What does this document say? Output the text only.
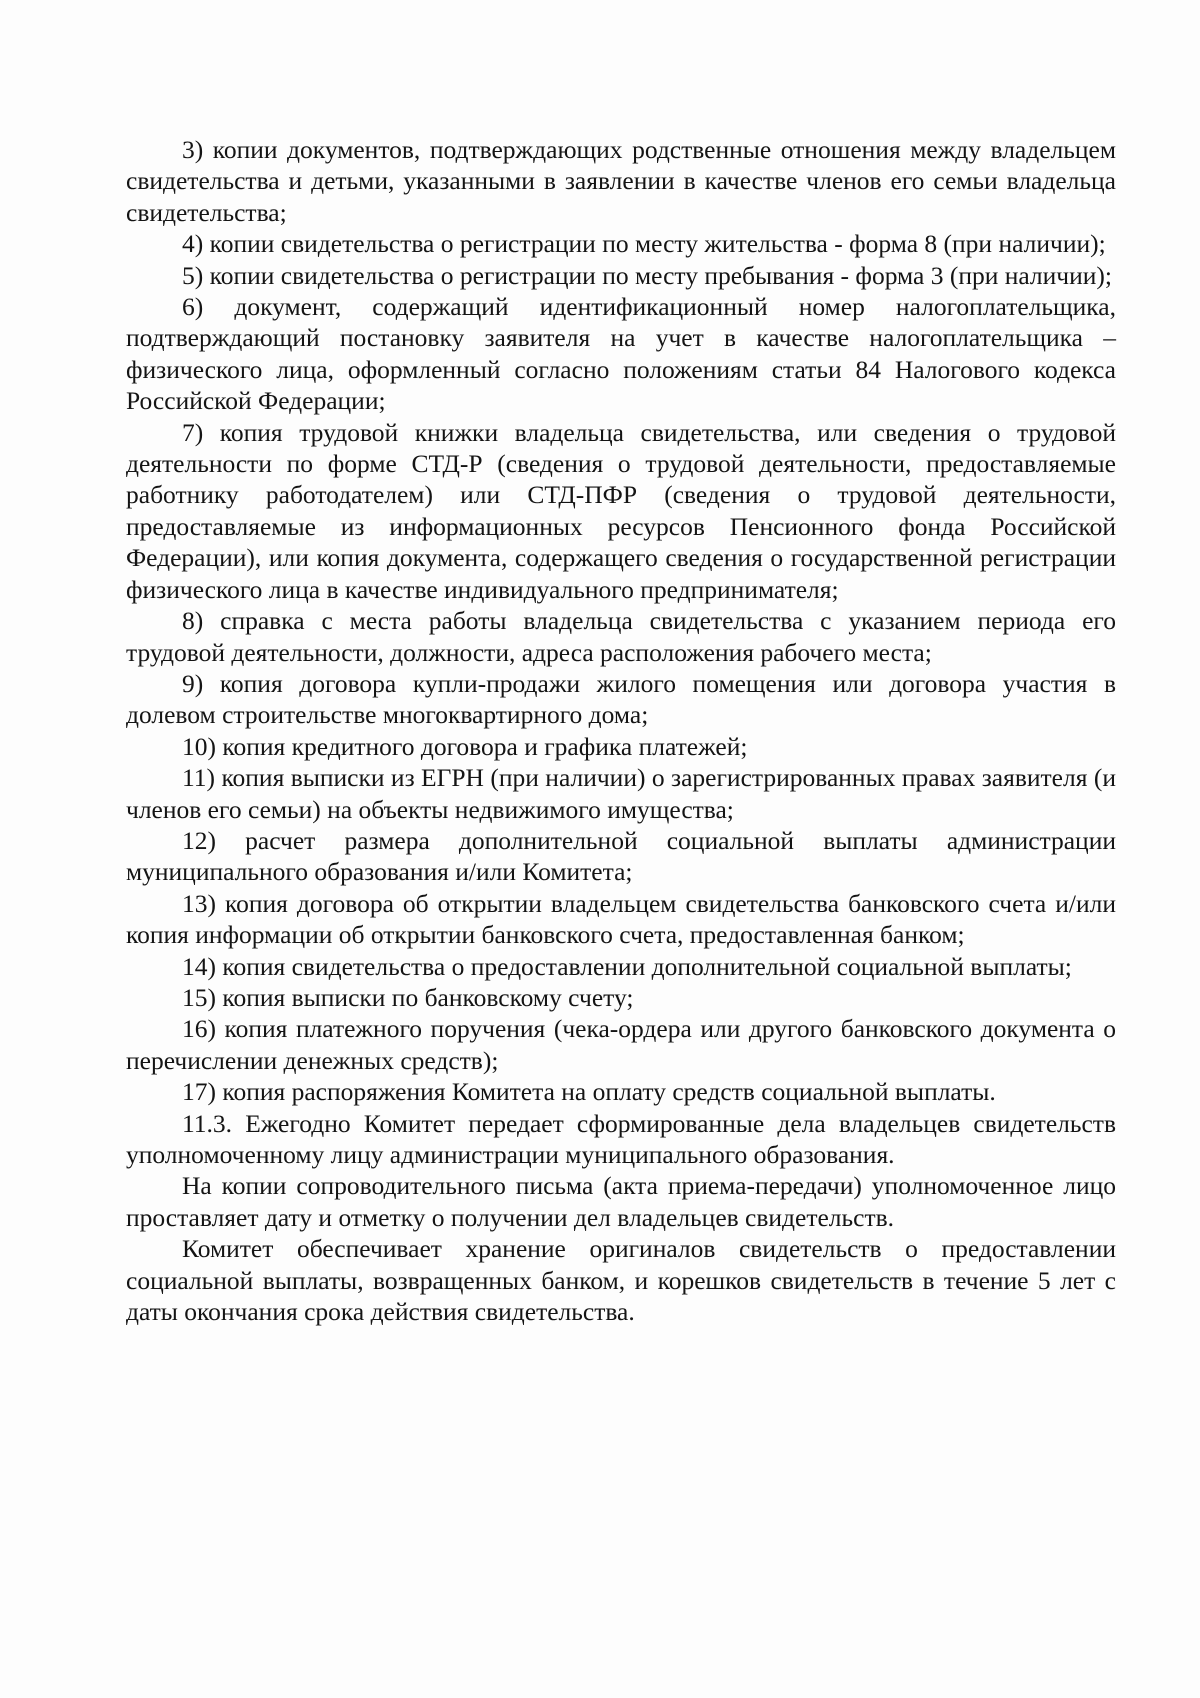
3) копии документов, подтверждающих родственные отношения между владельцем свидетельства и детьми, указанными в заявлении в качестве членов его семьи владельца свидетельства;

4) копии свидетельства о регистрации по месту жительства - форма 8 (при наличии);

5) копии свидетельства о регистрации по месту пребывания - форма 3 (при наличии);

6) документ, содержащий идентификационный номер налогоплательщика, подтверждающий постановку заявителя на учет в качестве налогоплательщика – физического лица, оформленный согласно положениям статьи 84 Налогового кодекса Российской Федерации;

7) копия трудовой книжки владельца свидетельства, или сведения о трудовой деятельности по форме СТД-Р (сведения о трудовой деятельности, предоставляемые работнику работодателем) или СТД-ПФР (сведения о трудовой деятельности, предоставляемые из информационных ресурсов Пенсионного фонда Российской Федерации), или копия документа, содержащего сведения о государственной регистрации физического лица в качестве индивидуального предпринимателя;

8) справка с места работы владельца свидетельства с указанием периода его трудовой деятельности, должности, адреса расположения рабочего места;

9) копия договора купли-продажи жилого помещения или договора участия в долевом строительстве многоквартирного дома;

10) копия кредитного договора и графика платежей;

11) копия выписки из ЕГРН (при наличии) о зарегистрированных правах заявителя (и членов его семьи) на объекты недвижимого имущества;

12) расчет размера дополнительной социальной выплаты администрации муниципального образования и/или Комитета;

13) копия договора об открытии владельцем свидетельства банковского счета и/или копия информации об открытии банковского счета, предоставленная банком;

14) копия свидетельства о предоставлении дополнительной социальной выплаты;

15) копия выписки по банковскому счету;

16) копия платежного поручения (чека-ордера или другого банковского документа о перечислении денежных средств);

17) копия распоряжения Комитета на оплату средств социальной выплаты.

11.3. Ежегодно Комитет передает сформированные дела владельцев свидетельств уполномоченному лицу администрации муниципального образования.

На копии сопроводительного письма (акта приема-передачи) уполномоченное лицо проставляет дату и отметку о получении дел владельцев свидетельств.

Комитет обеспечивает хранение оригиналов свидетельств о предоставлении социальной выплаты, возвращенных банком, и корешков свидетельств в течение 5 лет с даты окончания срока действия свидетельства.
